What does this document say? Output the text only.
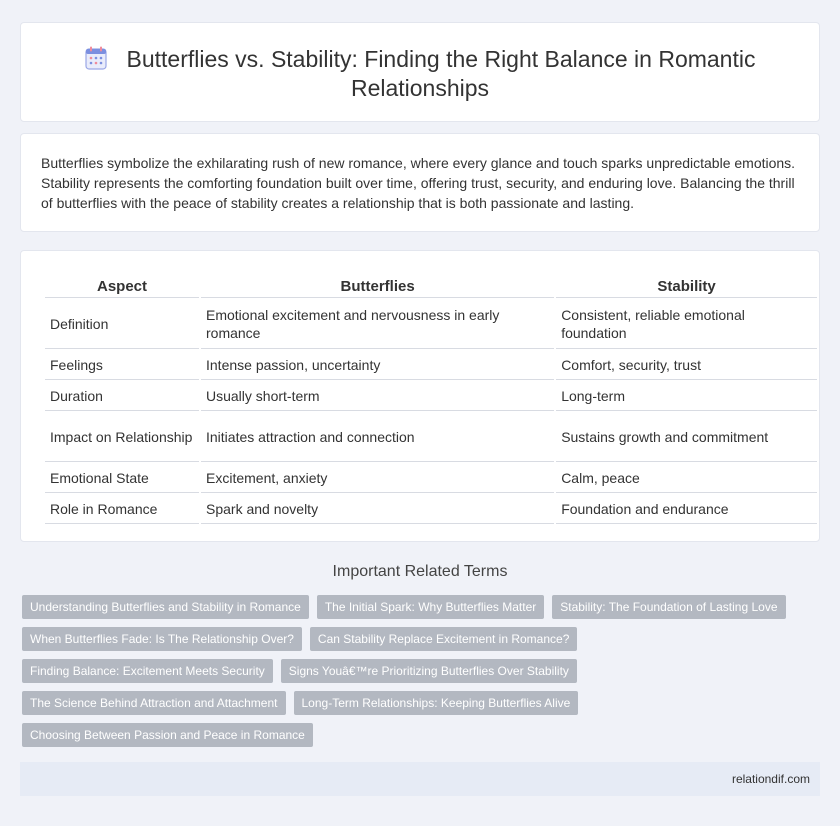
Butterflies vs. Stability: Finding the Right Balance in Romantic Relationships

Butterflies symbolize the exhilarating rush of new romance, where every glance and touch sparks unpredictable emotions. Stability represents the comforting foundation built over time, offering trust, security, and enduring love. Balancing the thrill of butterflies with the peace of stability creates a relationship that is both passionate and lasting.

Aspect	Butterflies	Stability
Definition	Emotional excitement and nervousness in early romance	Consistent, reliable emotional foundation
Feelings	Intense passion, uncertainty	Comfort, security, trust
Duration	Usually short-term	Long-term
Impact on Relationship	Initiates attraction and connection	Sustains growth and commitment
Emotional State	Excitement, anxiety	Calm, peace
Role in Romance	Spark and novelty	Foundation and endurance
Important Related Terms
Understanding Butterflies and Stability in Romance	The Initial Spark: Why Butterflies Matter	Stability: The Foundation of Lasting Love
When Butterflies Fade: Is The Relationship Over?	Can Stability Replace Excitement in Romance?
Finding Balance: Excitement Meets Security	Signs Youâ€™re Prioritizing Butterflies Over Stability
The Science Behind Attraction and Attachment	Long-Term Relationships: Keeping Butterflies Alive
Choosing Between Passion and Peace in Romance
relationdif.com
